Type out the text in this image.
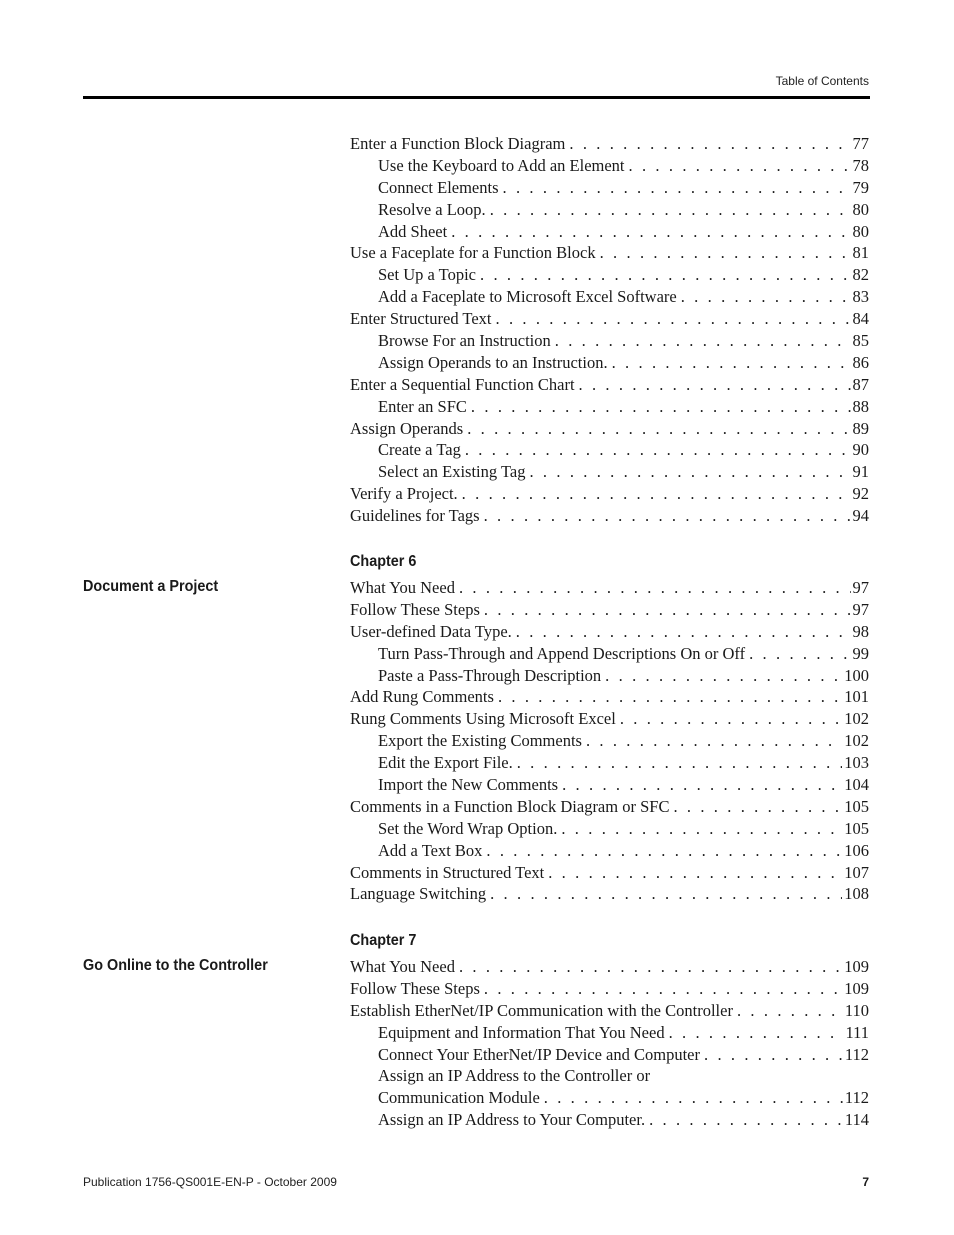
Table of Contents
Enter a Function Block Diagram . . .	77
Use the Keyboard to Add an Element . . .	78
Connect Elements . . .	79
Resolve a Loop. . . .	80
Add Sheet . . .	80
Use a Faceplate for a Function Block . . .	81
Set Up a Topic . . .	82
Add a Faceplate to Microsoft Excel Software . . .	83
Enter Structured Text . . .	84
Browse For an Instruction . . .	85
Assign Operands to an Instruction. . . .	86
Enter a Sequential Function Chart . . .	87
Enter an SFC . . .	88
Assign Operands . . .	89
Create a Tag . . .	90
Select an Existing Tag . . .	91
Verify a Project. . . .	92
Guidelines for Tags . . .	94
Chapter 6
Document a Project	What You Need . . .	97
Follow These Steps . . .	97
User-defined Data Type. . . .	98
Turn Pass-Through and Append Descriptions On or Off . . .	99
Paste a Pass-Through Description . . .	100
Add Rung Comments . . .	101
Rung Comments Using Microsoft Excel . . .	102
Export the Existing Comments . . .	102
Edit the Export File. . . .	103
Import the New Comments . . .	104
Comments in a Function Block Diagram or SFC . . .	105
Set the Word Wrap Option. . . .	105
Add a Text Box . . .	106
Comments in Structured Text . . .	107
Language Switching . . .	108
Chapter 7
Go Online to the Controller	What You Need . . .	109
Follow These Steps . . .	109
Establish EtherNet/IP Communication with the Controller . . .	110
Equipment and Information That You Need . . .	111
Connect Your EtherNet/IP Device and Computer . . .	112
Assign an IP Address to the Controller or
Communication Module . . .	112
Assign an IP Address to Your Computer. . . .	114
Publication 1756-QS001E-EN-P - October 2009	7
